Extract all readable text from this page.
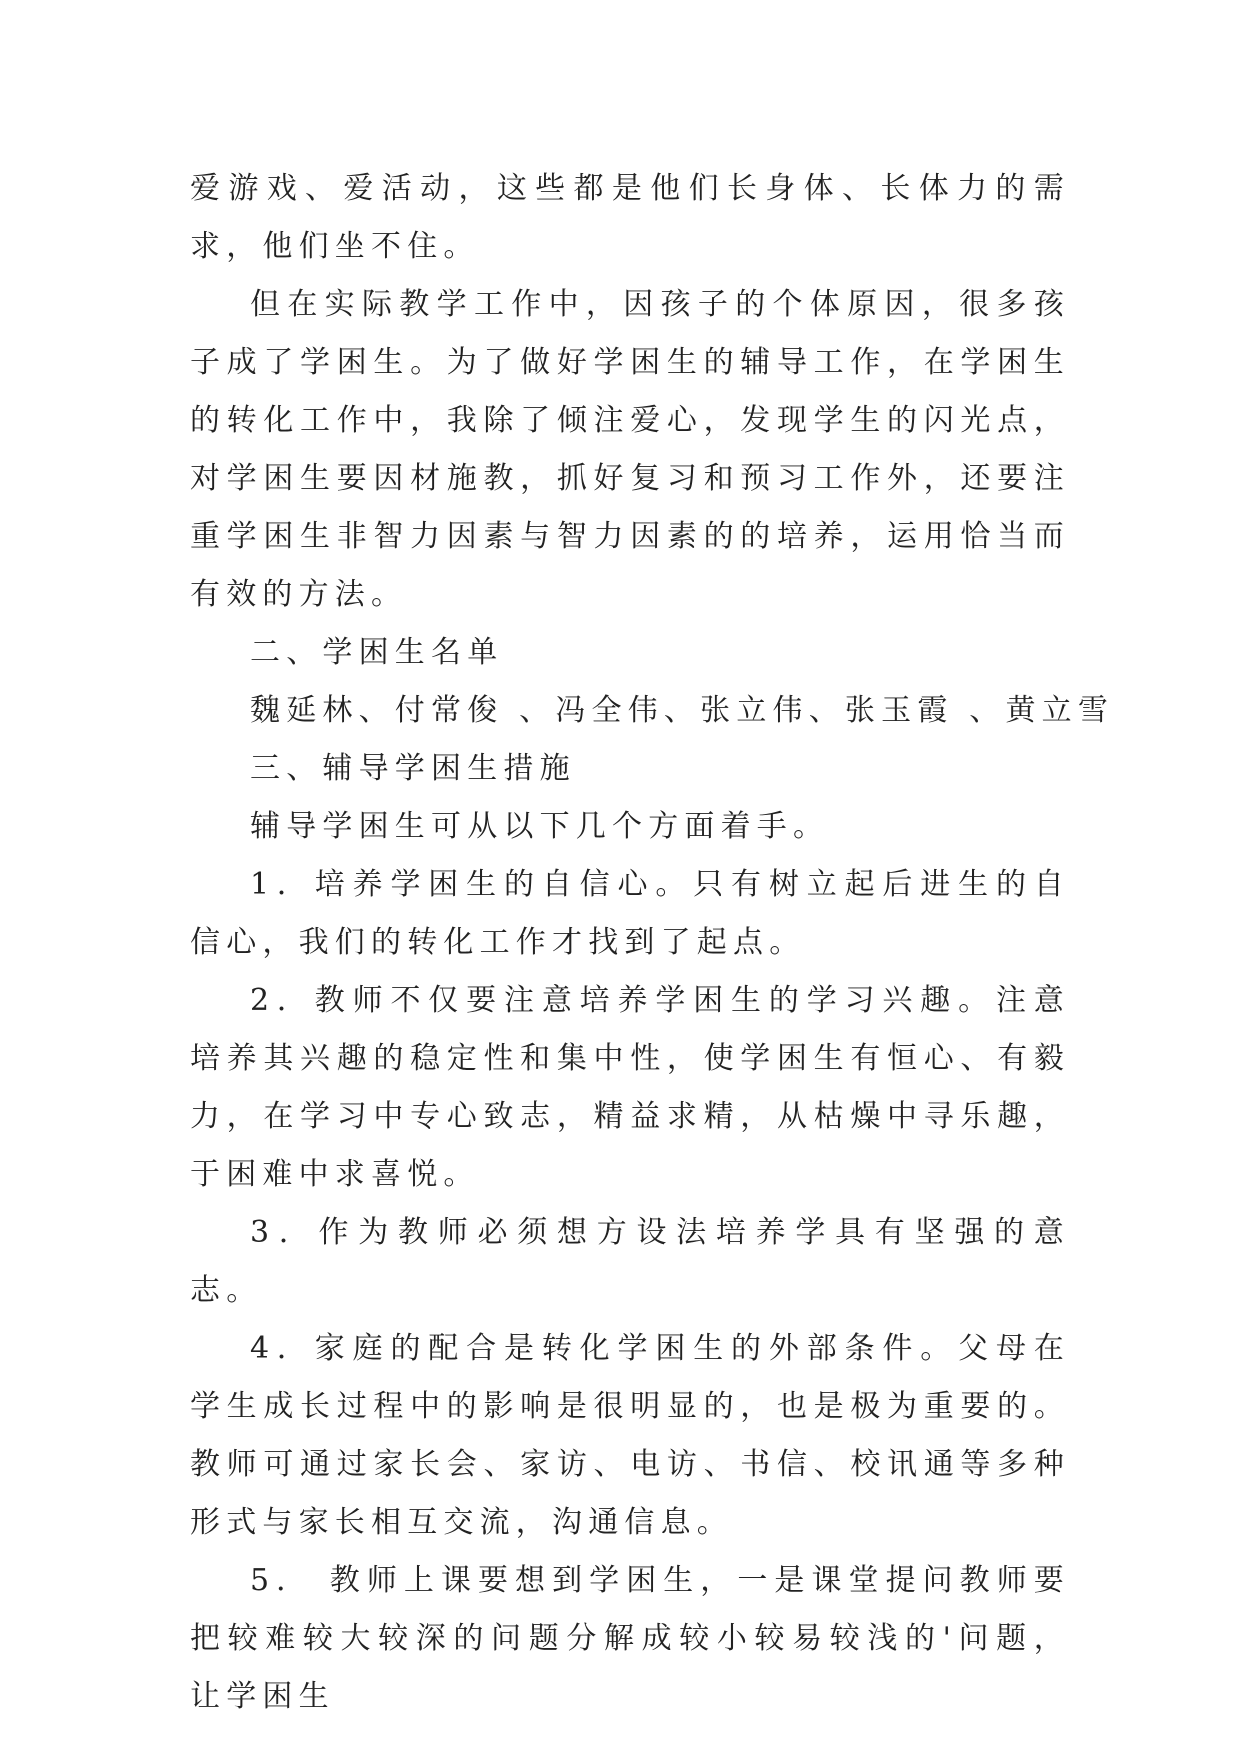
爱游戏、爱活动，这些都是他们长身体、长体力的需求，他们坐不住。

但在实际教学工作中，因孩子的个体原因，很多孩子成了学困生。为了做好学困生的辅导工作，在学困生的转化工作中，我除了倾注爱心，发现学生的闪光点，对学困生要因材施教，抓好复习和预习工作外，还要注重学困生非智力因素与智力因素的的培养，运用恰当而有效的方法。

二、学困生名单

魏延林、付常俊 、冯全伟、张立伟、张玉霞 、黄立雪

三、辅导学困生措施

辅导学困生可从以下几个方面着手。

1．培养学困生的自信心。只有树立起后进生的自信心，我们的转化工作才找到了起点。

2．教师不仅要注意培养学困生的学习兴趣。注意培养其兴趣的稳定性和集中性，使学困生有恒心、有毅力，在学习中专心致志，精益求精，从枯燥中寻乐趣，于困难中求喜悦。

3．作为教师必须想方设法培养学具有坚强的意志。

4．家庭的配合是转化学困生的外部条件。父母在学生成长过程中的影响是很明显的，也是极为重要的。教师可通过家长会、家访、电访、书信、校讯通等多种形式与家长相互交流，沟通信息。

5． 教师上课要想到学困生，一是课堂提问教师要把较难较大较深的问题分解成较小较易较浅的'问题，让学困生
